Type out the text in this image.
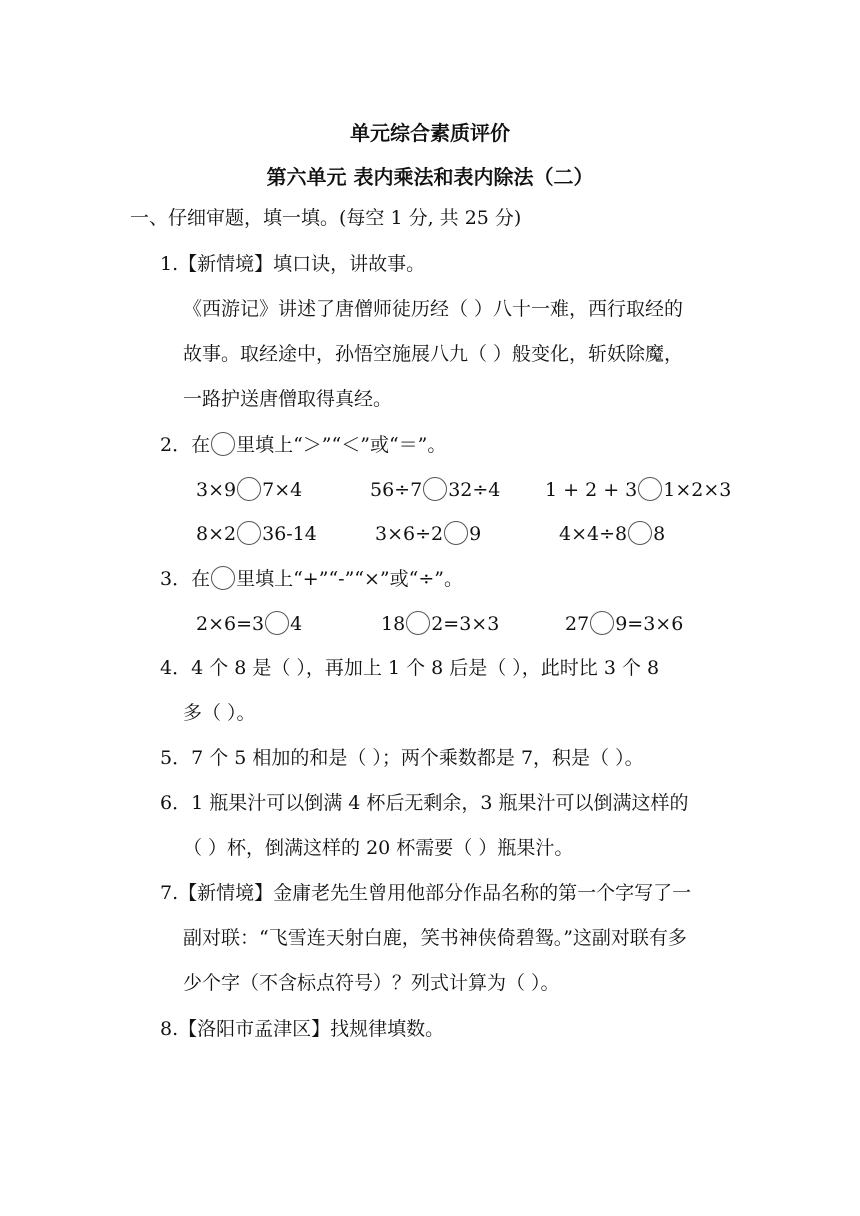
单元综合素质评价
第六单元 表内乘法和表内除法（二）
一、仔细审题，填一填。(每空 1 分, 共 25 分)
1.【新情境】填口诀，讲故事。
《西游记》讲述了唐僧师徒历经（ ）八十一难，西行取经的
故事。取经途中，孙悟空施展八九（ ）般变化，斩妖除魔，
一路护送唐僧取得真经。
2．在 里填上“＞”“＜”或“＝”。
3×9 7×4	56÷7 32÷4 1 + 2 + 3 1×2×3
8×2 36-14	3×6÷2 9	4×4÷8 8
3．在 里填上“+”“-”“×”或“÷”。
2×6=3 4	18 2=3×3	27 9=3×6
4．4 个 8 是（ ），再加上 1 个 8 后是（ ），此时比 3 个 8
多（ ）。
5．7 个 5 相加的和是（ ）；两个乘数都是 7，积是（ ）。
6．1 瓶果汁可以倒满 4 杯后无剩余，3 瓶果汁可以倒满这样的
（ ）杯，倒满这样的 20 杯需要（ ）瓶果汁。
7.【新情境】金庸老先生曾用他部分作品名称的第一个字写了一
副对联：“飞雪连天射白鹿，笑书神侠倚碧鸳。”这副对联有多
少个字（不含标点符号）？列式计算为（ ）。
8.【洛阳市孟津区】找规律填数。
